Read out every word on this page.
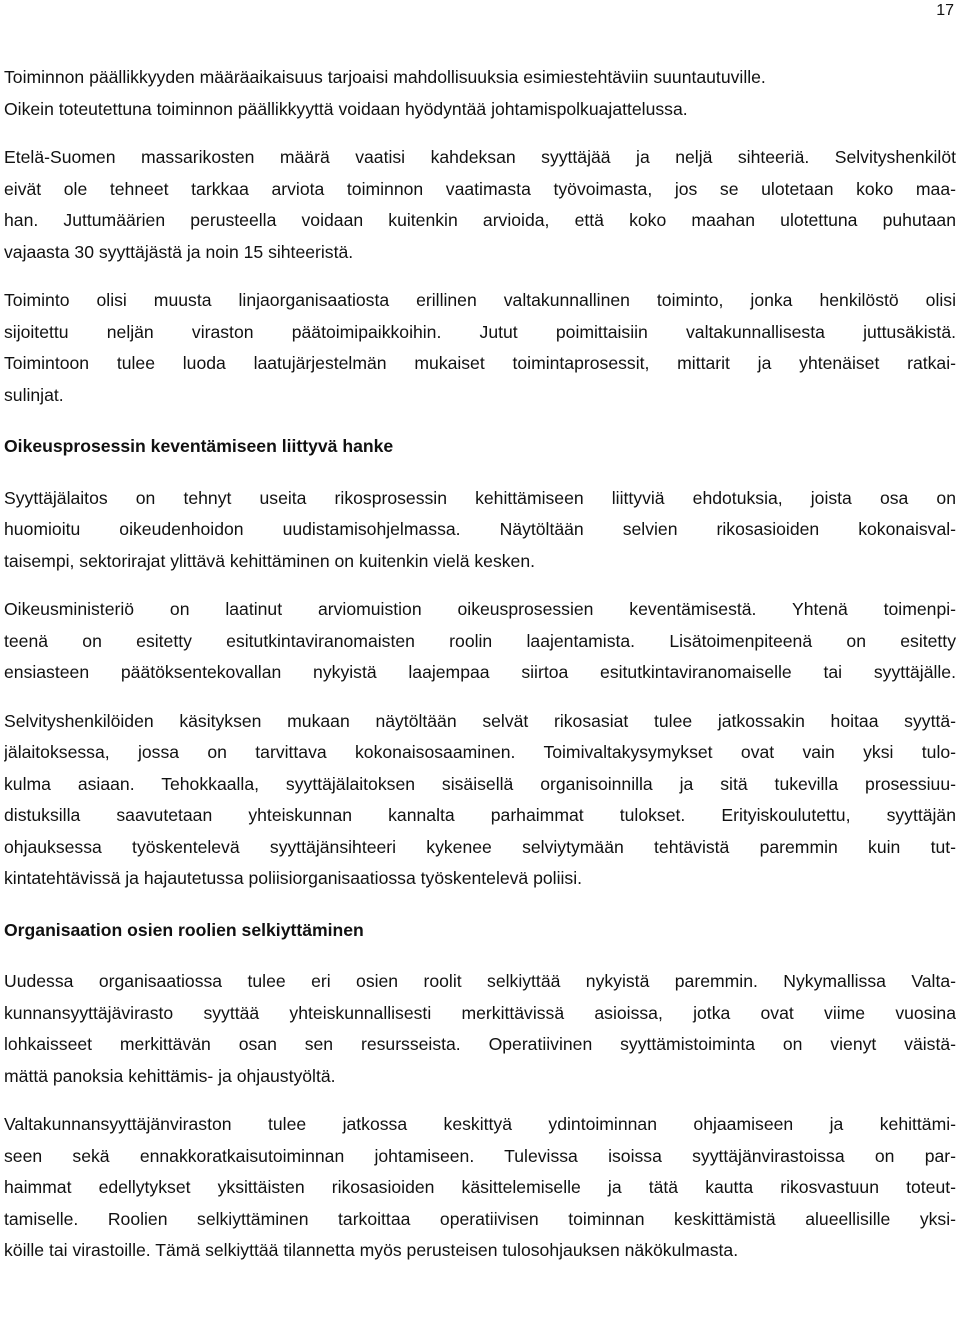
17
Toiminnon päällikkyyden määräaikaisuus tarjoaisi mahdollisuuksia esimiestehtäviin suuntautuville.
Oikein toteutettuna toiminnon päällikkyyttä voidaan hyödyntää johtamispolkuajattelussa.
Etelä-Suomen massarikosten määrä vaatisi kahdeksan syyttäjää ja neljä sihteeriä. Selvityshenkilöt
eivät ole tehneet tarkkaa arviota toiminnon vaatimasta työvoimasta, jos se ulotetaan koko maa-
han. Juttumäärien perusteella voidaan kuitenkin arvioida, että koko maahan ulotettuna puhutaan
vajaasta 30 syyttäjästä ja noin 15 sihteeristä.
Toiminto olisi muusta linjaorganisaatiosta erillinen valtakunnallinen toiminto, jonka henkilöstö olisi
sijoitettu neljän viraston päätoimipaikkoihin. Jutut poimittaisiin valtakunnallisesta juttusäkistä.
Toimintoon tulee luoda laatujärjestelmän mukaiset toimintaprosessit, mittarit ja yhtenäiset ratkai-
sulinjat.
Oikeusprosessin keventämiseen liittyvä hanke
Syyttäjälaitos on tehnyt useita rikosprosessin kehittämiseen liittyviä ehdotuksia, joista osa on
huomioitu oikeudenhoidon uudistamisohjelmassa. Näytöltään selvien rikosasioiden kokonaisval-
taisempi, sektorirajat ylittävä kehittäminen on kuitenkin vielä kesken.
Oikeusministeriö on laatinut arviomuistion oikeusprosessien keventämisestä. Yhtenä toimenpi-
teenä on esitetty esitutkintaviranomaisten roolin laajentamista. Lisätoimenpiteenä on esitetty
ensiasteen päätöksentekovallan nykyistä laajempaa siirtoa esitutkintaviranomaiselle tai syyttäjälle.
Selvityshenkilöiden käsityksen mukaan näytöltään selvät rikosasiat tulee jatkossakin hoitaa syyttä-
jälaitoksessa, jossa on tarvittava kokonaisosaaminen. Toimivaltakysymykset ovat vain yksi tulo-
kulma asiaan. Tehokkaalla, syyttäjälaitoksen sisäisellä organisoinnilla ja sitä tukevilla prosessiuu-
distuksilla saavutetaan yhteiskunnan kannalta parhaimmat tulokset. Erityiskoulutettu, syyttäjän
ohjauksessa työskentelevä syyttäjänsihteeri kykenee selviytymään tehtävistä paremmin kuin tut-
kintatehtävissä ja hajautetussa poliisiorganisaatiossa työskentelevä poliisi.
Organisaation osien roolien selkiyttäminen
Uudessa organisaatiossa tulee eri osien roolit selkiyttää nykyistä paremmin. Nykymallissa Valta-
kunnansyyttäjävirasto syyttää yhteiskunnallisesti merkittävissä asioissa, jotka ovat viime vuosina
lohkaisseet merkittävän osan sen resursseista. Operatiivinen syyttämistoiminta on vienyt väistä-
mättä panoksia kehittämis- ja ohjaustyöltä.
Valtakunnansyyttäjänviraston tulee jatkossa keskittyä ydintoiminnan ohjaamiseen ja kehittämi-
seen sekä ennakkoratkaisutoiminnan johtamiseen. Tulevissa isoissa syyttäjänvirastoissa on par-
haimmat edellytykset yksittäisten rikosasioiden käsittelemiselle ja tätä kautta rikosvastuun toteut-
tamiselle. Roolien selkiyttäminen tarkoittaa operatiivisen toiminnan keskittämistä alueellisille yksi-
köille tai virastoille. Tämä selkiyttää tilannetta myös perusteisen tulosohjauksen näkökulmasta.
